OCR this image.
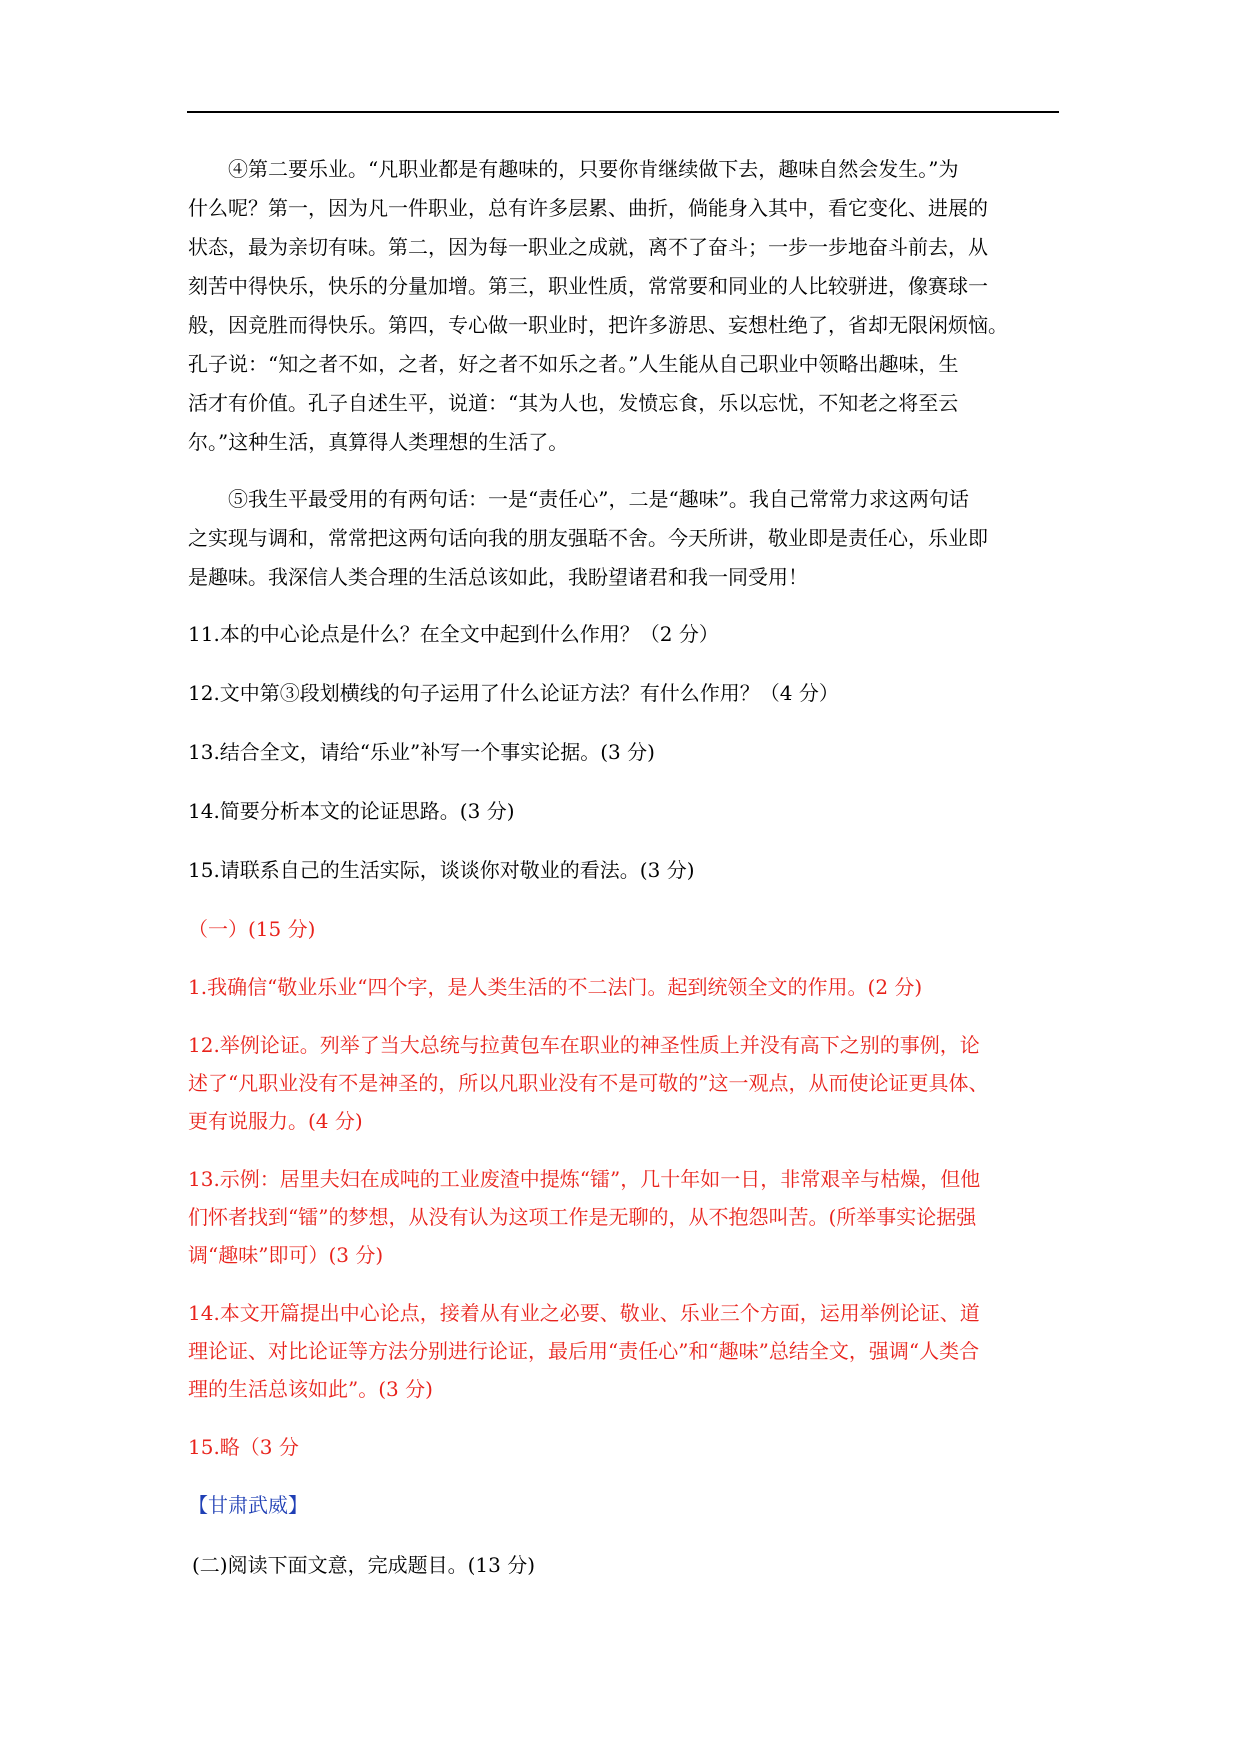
④第二要乐业。“凡职业都是有趣味的，只要你肯继续做下去，趣味自然会发生。”为
什么呢？第一，因为凡一件职业，总有许多层累、曲折，倘能身入其中，看它变化、进展的
状态，最为亲切有味。第二，因为每一职业之成就，离不了奋斗；一步一步地奋斗前去，从
刻苦中得快乐，快乐的分量加增。第三，职业性质，常常要和同业的人比较骈进，像赛球一
般，因竞胜而得快乐。第四，专心做一职业时，把许多游思、妄想杜绝了，省却无限闲烦恼。
孔子说：“知之者不如，之者，好之者不如乐之者。”人生能从自己职业中领略出趣味，生
活才有价值。孔子自述生平，说道：“其为人也，发愤忘食，乐以忘忧，不知老之将至云
尔。”这种生活，真算得人类理想的生活了。
⑤我生平最受用的有两句话：一是“责任心”，二是“趣味”。我自己常常力求这两句话
之实现与调和，常常把这两句话向我的朋友强聒不舍。今天所讲，敬业即是责任心，乐业即
是趣味。我深信人类合理的生活总该如此，我盼望诸君和我一同受用！

11.本的中心论点是什么？在全文中起到什么作用？（2 分）

12.文中第③段划横线的句子运用了什么论证方法？有什么作用？（4 分）

13.结合全文，请给“乐业”补写一个事实论据。(3 分)

14.简要分析本文的论证思路。(3 分)

15.请联系自己的生活实际，谈谈你对敬业的看法。(3 分)

（一）(15 分)

1.我确信“敬业乐业“四个字，是人类生活的不二法门。起到统领全文的作用。(2 分)
12.举例论证。列举了当大总统与拉黄包车在职业的神圣性质上并没有高下之别的事例，论
述了“凡职业没有不是神圣的，所以凡职业没有不是可敬的”这一观点，从而使论证更具体、
更有说服力。(4 分)
13.示例：居里夫妇在成吨的工业废渣中提炼“镭”，几十年如一日，非常艰辛与枯燥，但他
们怀者找到“镭”的梦想，从没有认为这项工作是无聊的，从不抱怨叫苦。(所举事实论据强
调“趣味”即可）(3 分)
14.本文开篇提出中心论点，接着从有业之必要、敬业、乐业三个方面，运用举例论证、道
理论证、对比论证等方法分别进行论证，最后用“责任心”和“趣味”总结全文，强调“人类合
理的生活总该如此”。(3 分)
15.略（3 分

【甘肃武威】

(二)阅读下面文意，完成题目。(13 分)
